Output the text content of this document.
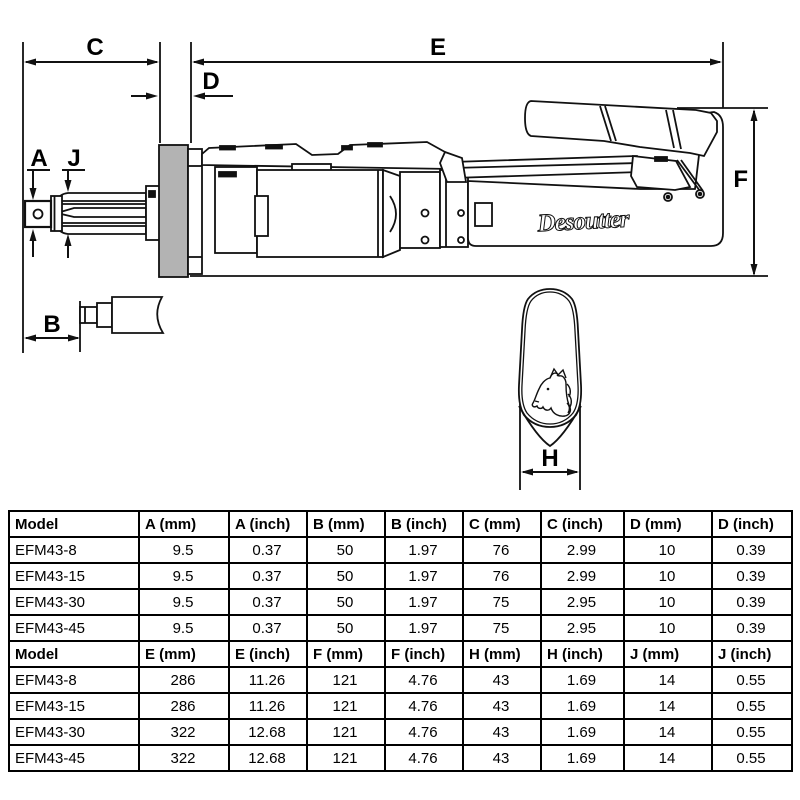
C	E
D
A J
B
F
H
Desoutter
Model	A (mm)	A (inch)	B (mm)	B (inch)	C (mm)	C (inch)	D (mm)	D (inch)
EFM43-8	9.5	0.37	50	1.97	76	2.99	10	0.39
EFM43-15	9.5	0.37	50	1.97	76	2.99	10	0.39
EFM43-30	9.5	0.37	50	1.97	75	2.95	10	0.39
EFM43-45	9.5	0.37	50	1.97	75	2.95	10	0.39
Model	E (mm)	E (inch)	F (mm)	F (inch)	H (mm)	H (inch)	J (mm)	J (inch)
EFM43-8	286	11.26	121	4.76	43	1.69	14	0.55
EFM43-15	286	11.26	121	4.76	43	1.69	14	0.55
EFM43-30	322	12.68	121	4.76	43	1.69	14	0.55
EFM43-45	322	12.68	121	4.76	43	1.69	14	0.55
